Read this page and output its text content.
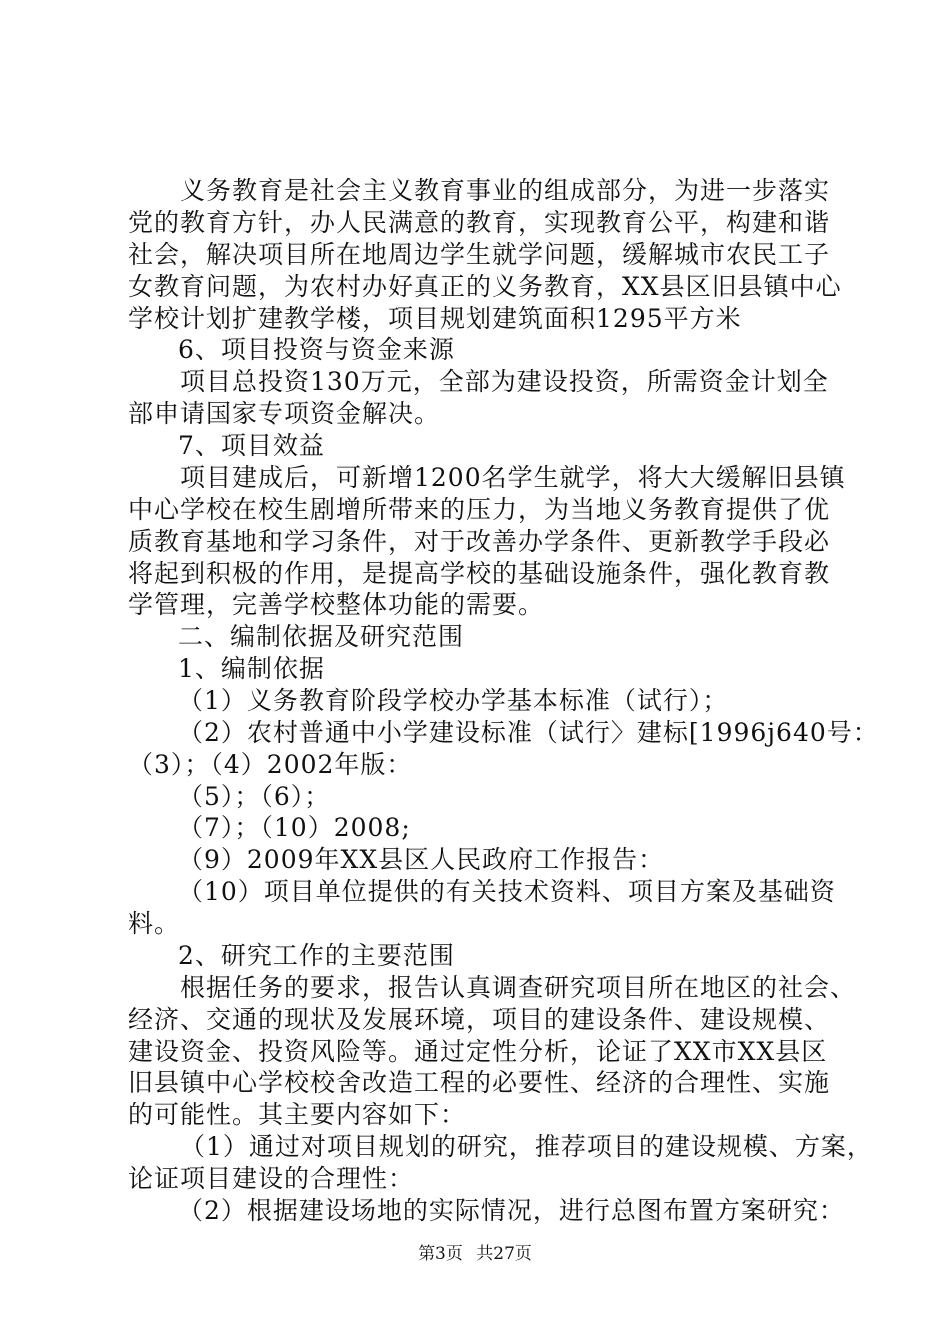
义务教育是社会主义教育事业的组成部分，为进一步落实
党的教育方针，办人民满意的教育，实现教育公平，构建和谐
社会，解决项目所在地周边学生就学问题，缓解城市农民工子
女教育问题，为农村办好真正的义务教育，XX县区旧县镇中心
学校计划扩建教学楼，项目规划建筑面积1295平方米
6、项目投资与资金来源
项目总投资130万元，全部为建设投资，所需资金计划全
部申请国家专项资金解决。
7、项目效益
项目建成后，可新增1200名学生就学，将大大缓解旧县镇
中心学校在校生剧增所带来的压力，为当地义务教育提供了优
质教育基地和学习条件，对于改善办学条件、更新教学手段必
将起到积极的作用，是提高学校的基础设施条件，强化教育教
学管理，完善学校整体功能的需要。
二、编制依据及研究范围
1、编制依据
（1）义务教育阶段学校办学基本标准（试行）；
（2）农村普通中小学建设标准（试行〉建标[1996j640号：
（3）；（4）2002年版：
（5）；（6）；
（7）；（10）2008;
（9）2009年XX县区人民政府工作报告：
（10）项目单位提供的有关技术资料、项目方案及基础资
料。
2、研究工作的主要范围
根据任务的要求，报告认真调查研究项目所在地区的社会、
经济、交通的现状及发展环境，项目的建设条件、建设规模、
建设资金、投资风险等。通过定性分析，论证了XX市XX县区
旧县镇中心学校校舍改造工程的必要性、经济的合理性、实施
的可能性。其主要内容如下：
（1）通过对项目规划的研究，推荐项目的建设规模、方案，
论证项目建设的合理性：
（2）根据建设场地的实际情况，进行总图布置方案研究：
第3页 共27页
